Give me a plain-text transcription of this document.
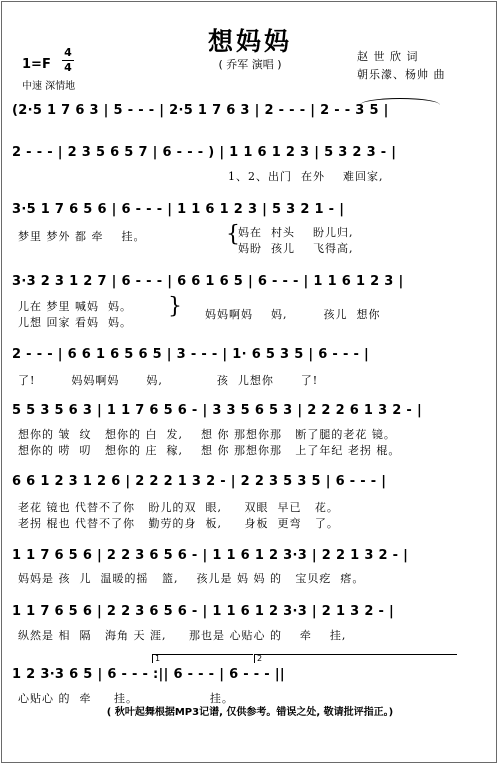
想妈妈
( 乔军 演唱 )
赵 世 欣 词
朝乐濛、杨帅 曲
1=F
4
4
中速 深情地
(2·5 1 7 6 3 | 5 - - - | 2·5 1 7 6 3 | 2 - - - | 2 - - 3 5 |
2 - - - | 2 3 5 6 5 7 | 6 - - - ) | 1 1 6 1 2 3 | 5 3 2 3 - |
1、2、出门  在外    难回家,
3·5 1 7 6 5 6 | 6 - - - | 1 1 6 1 2 3 | 5 3 2 1 - |
梦里 梦外 都 牵    挂。	{
妈在  村头    盼儿归,
妈盼  孩儿    飞得高,
3·3 2 3 1 2 7 | 6 - - - | 6 6 1 6 5 | 6 - - - | 1 1 6 1 2 3 |
儿在 梦里 喊妈  妈。
儿想 回家 看妈  妈。
} 妈妈啊妈    妈,        孩儿  想你
2 - - - | 6 6 1 6 5 6 5 | 3 - - - | 1· 6 5 3 5 | 6 - - - |
了!        妈妈啊妈      妈,            孩  儿想你      了!
5 5 3 5 6 3 | 1 1 7 6 5 6 - | 3 3 5 6 5 3 | 2 2 2 6 1 3 2 - |
想你的 皱  纹   想你的 白  发,    想 你 那想你那   断了腿的老花 镜。
想你的 唠  叨   想你的 庄  稼,    想 你 那想你那   上了年纪 老拐 棍。
6 6 1 2 3 1 2 6 | 2 2 2 1 3 2 - | 2 2 3 5 3 5 | 6 - - - |
老花 镜也 代替不了你   盼儿的双  眼,     双眼  早已   花。
老拐 棍也 代替不了你   勤劳的身  板,     身板  更弯   了。
1 1 7 6 5 6 | 2 2 3 6 5 6 - | 1 1 6 1 2 3·3 | 2 2 1 3 2 - |
妈妈是 孩  儿  温暖的摇   篮,    孩儿是 妈 妈 的   宝贝疙  瘩。
1 1 7 6 5 6 | 2 2 3 6 5 6 - | 1 1 6 1 2 3·3 | 2 1 3 2 - |
纵然是 相  隔   海角 天 涯,     那也是 心贴心 的    牵    挂,
1	2
1 2 3·3 6 5 | 6 - - - :|| 6 - - - | 6 - - - ||
心贴心 的  牵     挂。                挂。
( 秋叶起舞根据MP3记谱, 仅供参考。错误之处, 敬请批评指正。)
